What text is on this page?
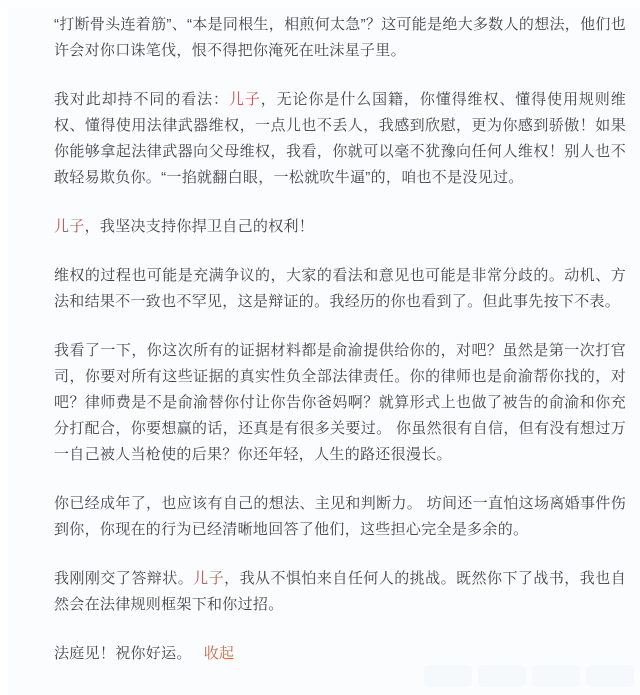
“打断骨头连着筋”、“本是同根生，相煎何太急”？这可能是绝大多数人的想法，他们也许会对你口诛笔伐，恨不得把你淹死在吐沫星子里。

我对此却持不同的看法：儿子，无论你是什么国籍，你懂得维权、懂得使用规则维权、懂得使用法律武器维权，一点儿也不丢人，我感到欣慰，更为你感到骄傲！如果你能够拿起法律武器向父母维权，我看，你就可以毫不犹豫向任何人维权！别人也不敢轻易欺负你。“一掐就翻白眼，一松就吹牛逼”的，咱也不是没见过。

儿子，我坚决支持你捍卫自己的权利！

维权的过程也可能是充满争议的，大家的看法和意见也可能是非常分歧的。动机、方法和结果不一致也不罕见，这是辩证的。我经历的你也看到了。但此事先按下不表。

我看了一下，你这次所有的证据材料都是俞渝提供给你的，对吧？虽然是第一次打官司，你要对所有这些证据的真实性负全部法律责任。你的律师也是俞渝帮你找的，对吧？律师费是不是俞渝替你付让你告你爸妈啊？就算形式上也做了被告的俞渝和你充分打配合，你要想赢的话，还真是有很多关要过。 你虽然很有自信，但有没有想过万一自己被人当枪使的后果？你还年轻，人生的路还很漫长。

你已经成年了，也应该有自己的想法、主见和判断力。 坊间还一直怕这场离婚事件伤到你，你现在的行为已经清晰地回答了他们，这些担心完全是多余的。

我刚刚交了答辩状。儿子，我从不惧怕来自任何人的挑战。既然你下了战书，我也自然会在法律规则框架下和你过招。

法庭见！祝你好运。 收起
